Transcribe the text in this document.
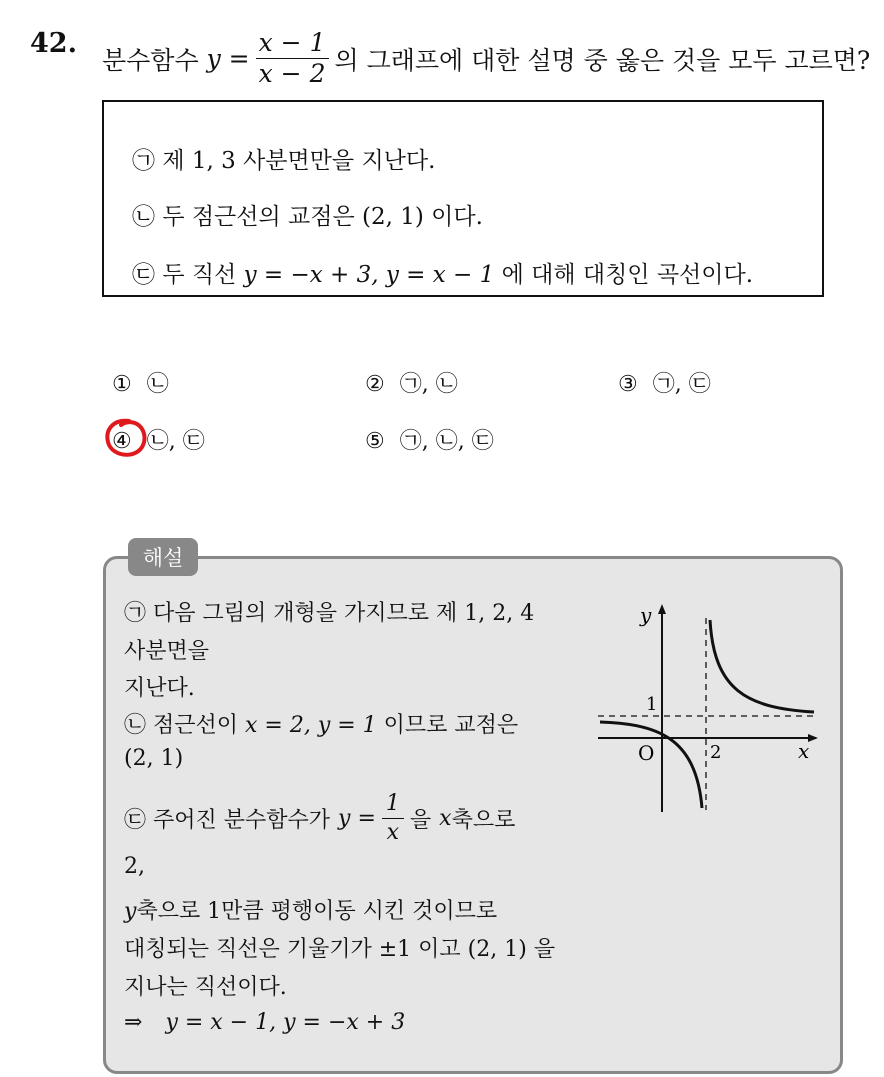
42.
분수함수 $y = \frac{x - 1}{x - 2}$ 의 그래프에 대한 설명 중 옳은 것을 모두 고르면?
㉠ 제 1, 3 사분면만을 지난다.
㉡ 두 점근선의 교점은 (2, 1) 이다.
㉢ 두 직선 y = −x + 3, y = x − 1 에 대해 대칭인 곡선이다.
① ㉡	② ㉠, ㉡	③ ㉠, ㉢
④ ㉡, ㉢	⑤ ㉠, ㉡, ㉢
해설
㉠ 다음 그림의 개형을 가지므로 제 1, 2, 4
사분면을
지난다.
㉡ 점근선이 x = 2, y = 1 이므로 교점은
(2, 1)
㉢ 주어진 분수함수가 $y = \frac{1}{x}$ 을 x 축으로
2,
y축으로 1만큼 평행이동 시킨 것이므로
대칭되는 직선은 기울기가 ±1 이고 (2, 1) 을
지나는 직선이다.
⇒ y = x − 1, y = −x + 3
y
x
O
1
2
